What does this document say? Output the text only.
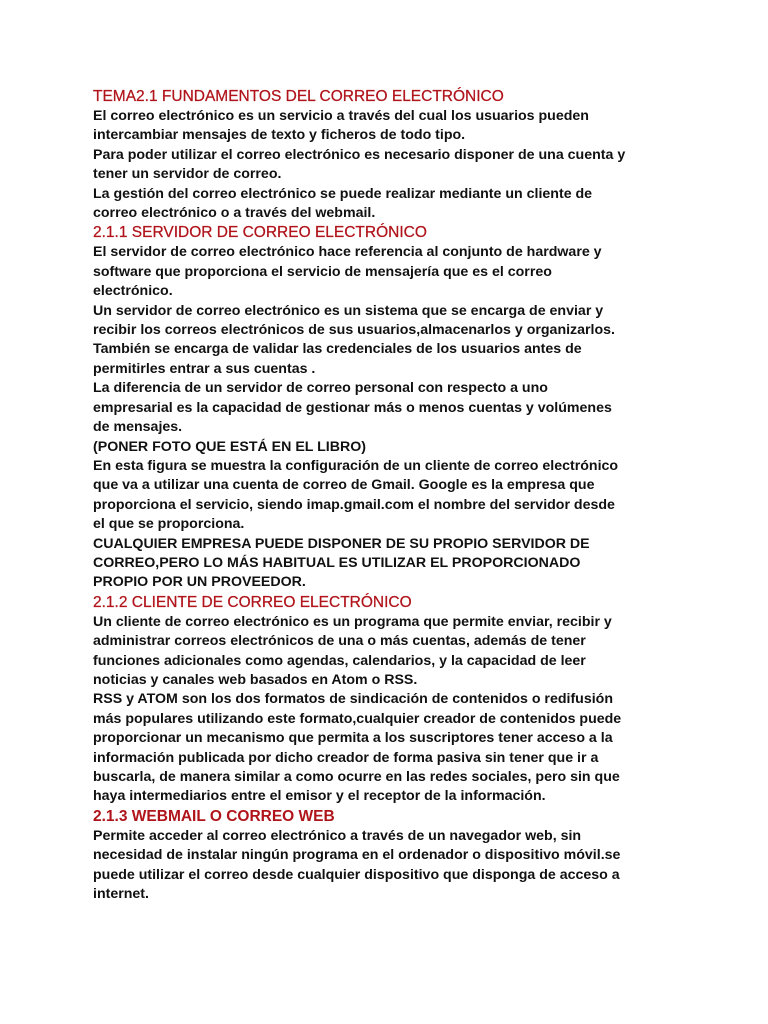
TEMA2.1 FUNDAMENTOS DEL CORREO ELECTRÓNICO

El correo electrónico es un servicio a través del cual los usuarios pueden
intercambiar mensajes de texto y ficheros de todo tipo.

Para poder utilizar el correo electrónico es necesario disponer de una cuenta y
tener un servidor de correo.

La gestión del correo electrónico se puede realizar mediante un cliente de
correo electrónico o a través del webmail.

2.1.1 SERVIDOR DE CORREO ELECTRÓNICO

El servidor de correo electrónico hace referencia al conjunto de hardware y
software que proporciona el servicio de mensajería que es el correo
electrónico.

Un servidor de correo electrónico es un sistema que se encarga de enviar y
recibir los correos electrónicos de sus usuarios,almacenarlos y organizarlos.
También se encarga de validar las credenciales de los usuarios antes de
permitirles entrar a sus cuentas .

La diferencia de un servidor de correo personal con respecto a uno
empresarial es la capacidad de gestionar más o menos cuentas y volúmenes
de mensajes.

(PONER FOTO QUE ESTÁ EN EL LIBRO)

En esta figura se muestra la configuración de un cliente de correo electrónico
que va a utilizar una cuenta de correo de Gmail. Google es la empresa que
proporciona el servicio, siendo imap.gmail.com el nombre del servidor desde
el que se proporciona.

CUALQUIER EMPRESA PUEDE DISPONER DE SU PROPIO SERVIDOR DE
CORREO,PERO LO MÁS HABITUAL ES UTILIZAR EL PROPORCIONADO
PROPIO POR UN PROVEEDOR.

2.1.2 CLIENTE DE CORREO ELECTRÓNICO

Un cliente de correo electrónico es un programa que permite enviar, recibir y
administrar correos electrónicos de una o más cuentas, además de tener
funciones adicionales como agendas, calendarios, y la capacidad de leer
noticias y canales web basados en Atom o RSS.

RSS y ATOM son los dos formatos de sindicación de contenidos o redifusión
más populares utilizando este formato,cualquier creador de contenidos puede
proporcionar un mecanismo que permita a los suscriptores tener acceso a la
información publicada por dicho creador de forma pasiva sin tener que ir a
buscarla, de manera similar a como ocurre en las redes sociales, pero sin que
haya intermediarios entre el emisor y el receptor de la información.

2.1.3 WEBMAIL O CORREO WEB

Permite acceder al correo electrónico a través de un navegador web, sin
necesidad de instalar ningún programa en el ordenador o dispositivo móvil.se
puede utilizar el correo desde cualquier dispositivo que disponga de acceso a
internet.
